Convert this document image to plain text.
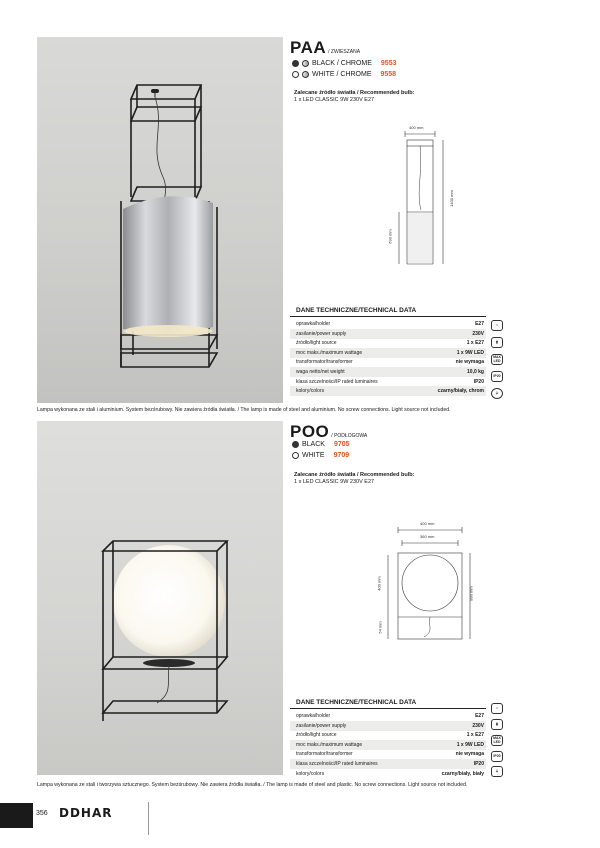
PAA / ZWIESZANA
BLACK / CHROME 9553
WHITE / CHROME 9558
Zalecane źródło światła / Recommended bulb:
1 x LED CLASSIC 9W 230V E27
400 mm
1400 mm
690 mm
DANE TECHNICZNE/TECHNICAL DATA
oprawka/holder	E27
zasilanie/power supply	230V
źródło/light source	1 x E27
moc maks./maximum wattage	1 x 9W LED
transformator/transformer	nie wymaga
waga netto/net weight	10,0 kg
klasa szczelności/IP rated luminaires	IP20
kolory/colors	czarny/biały, chrom
⌂
▮
MAX LED
IP20
⏚
Lampa wykonana ze stali i aluminium. System bezśrubowy. Nie zawiera źródła światła. / The lamp is made of steel and aluminium. No screw connections. Light source not included.
POO / PODŁOGOWA
BLACK 9705
WHITE 9709
Zalecane źródło światła / Recommended bulb:
1 x LED CLASSIC 9W 230V E27
400 mm
360 mm
400 mm
54 mm
880 mm
DANE TECHNICZNE/TECHNICAL DATA
oprawka/holder	E27
zasilanie/power supply	230V
źródło/light source	1 x E27
moc maks./maximum wattage	1 x 9W LED
transformator/transformer	nie wymaga
klasa szczelności/IP rated luminaires	IP20
kolory/colors	czarny/biały, biały
⌂
▮
MAX LED
IP20
⏚
Lampa wykonana ze stali i tworzywa sztucznego. System bezśrubowy. Nie zawiera źródła światła. / The lamp is made of steel and plastic. No screw connections. Light source not included.
356 DDHAR
